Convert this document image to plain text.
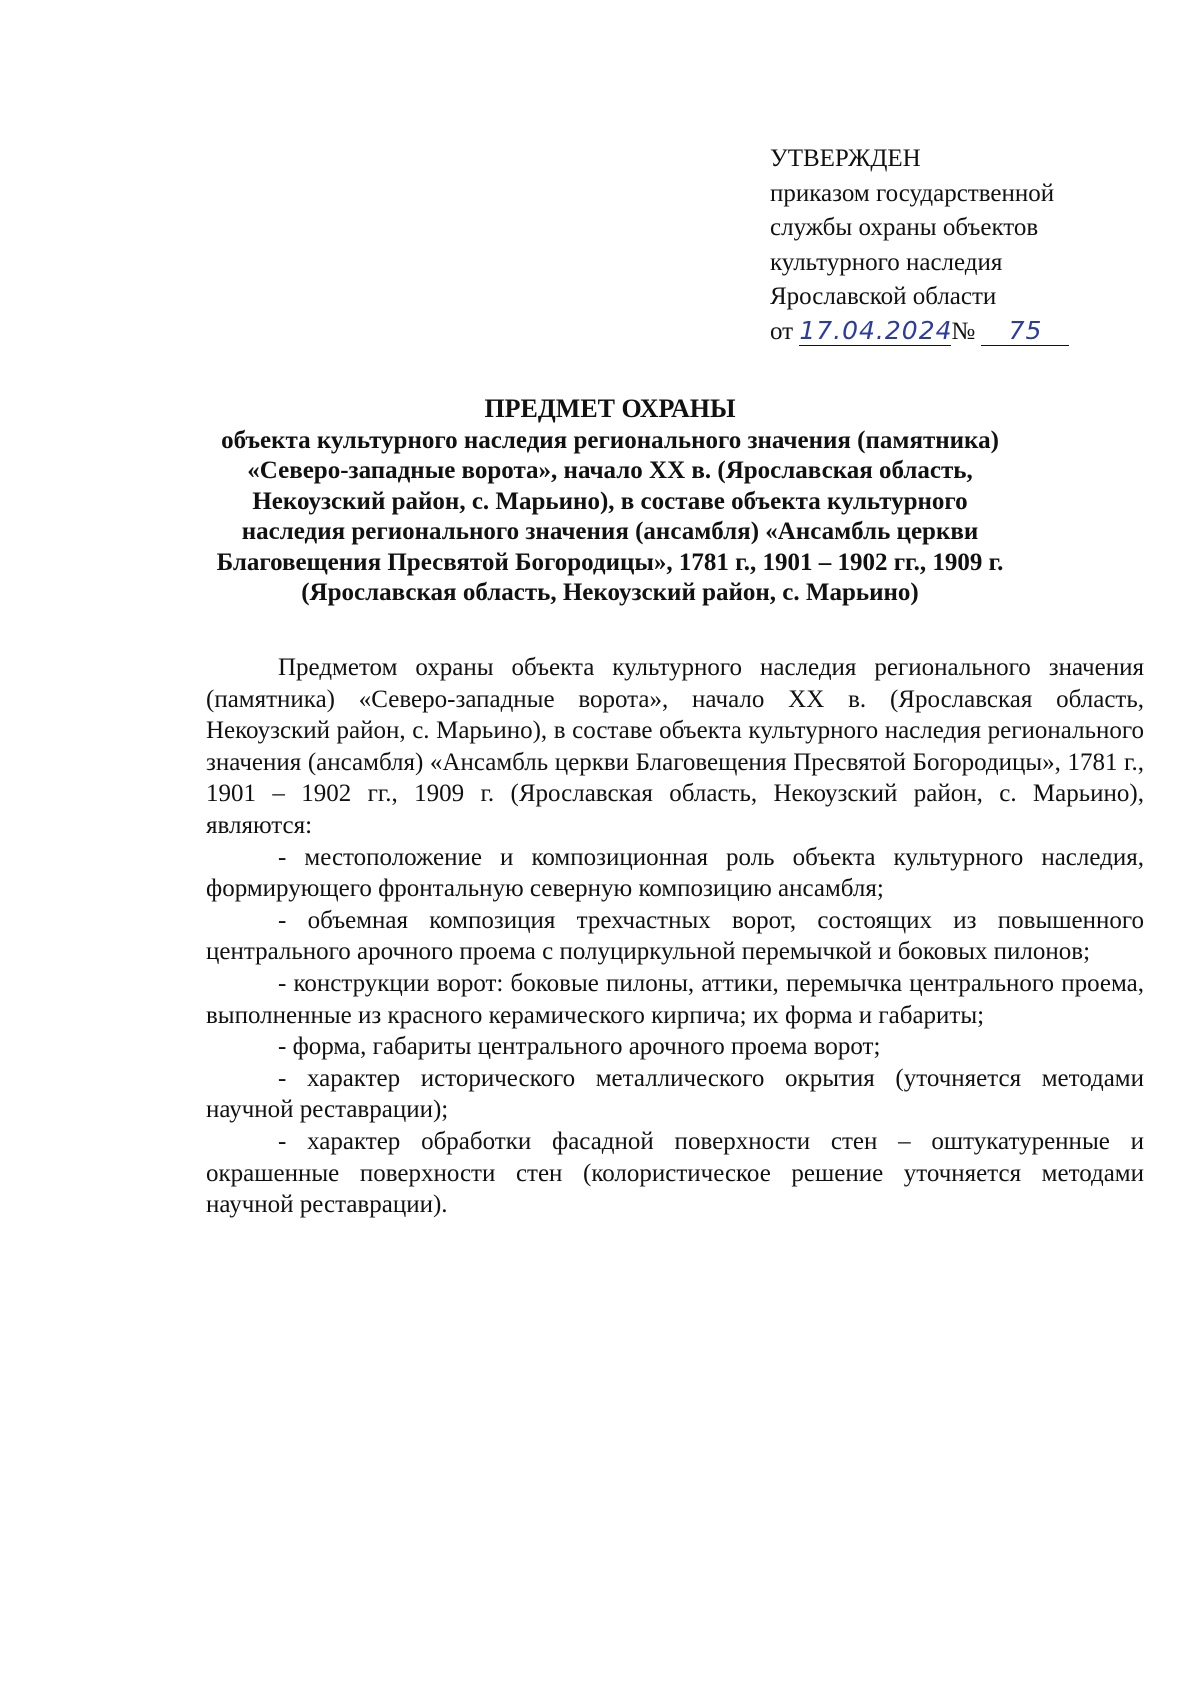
УТВЕРЖДЕН
приказом государственной
службы охраны объектов
культурного наследия
Ярославской области
от 17.04.2024№ 75
ПРЕДМЕТ ОХРАНЫ
объекта культурного наследия регионального значения (памятника) «Северо-западные ворота», начало XX в. (Ярославская область, Некоузский район, с. Марьино), в составе объекта культурного наследия регионального значения (ансамбля) «Ансамбль церкви Благовещения Пресвятой Богородицы», 1781 г., 1901 – 1902 гг., 1909 г. (Ярославская область, Некоузский район, с. Марьино)

Предметом охраны объекта культурного наследия регионального значения (памятника) «Северо-западные ворота», начало XX в. (Ярославская область, Некоузский район, с. Марьино), в составе объекта культурного наследия регионального значения (ансамбля) «Ансамбль церкви Благовещения Пресвятой Богородицы», 1781 г., 1901 – 1902 гг., 1909 г. (Ярославская область, Некоузский район, с. Марьино), являются:

- местоположение и композиционная роль объекта культурного наследия, формирующего фронтальную северную композицию ансамбля;

- объемная композиция трехчастных ворот, состоящих из повышенного центрального арочного проема с полуциркульной перемычкой и боковых пилонов;

- конструкции ворот: боковые пилоны, аттики, перемычка центрального проема, выполненные из красного керамического кирпича; их форма и габариты;

- форма, габариты центрального арочного проема ворот;

- характер исторического металлического окрытия (уточняется методами научной реставрации);

- характер обработки фасадной поверхности стен – оштукатуренные и окрашенные поверхности стен (колористическое решение уточняется методами научной реставрации).
